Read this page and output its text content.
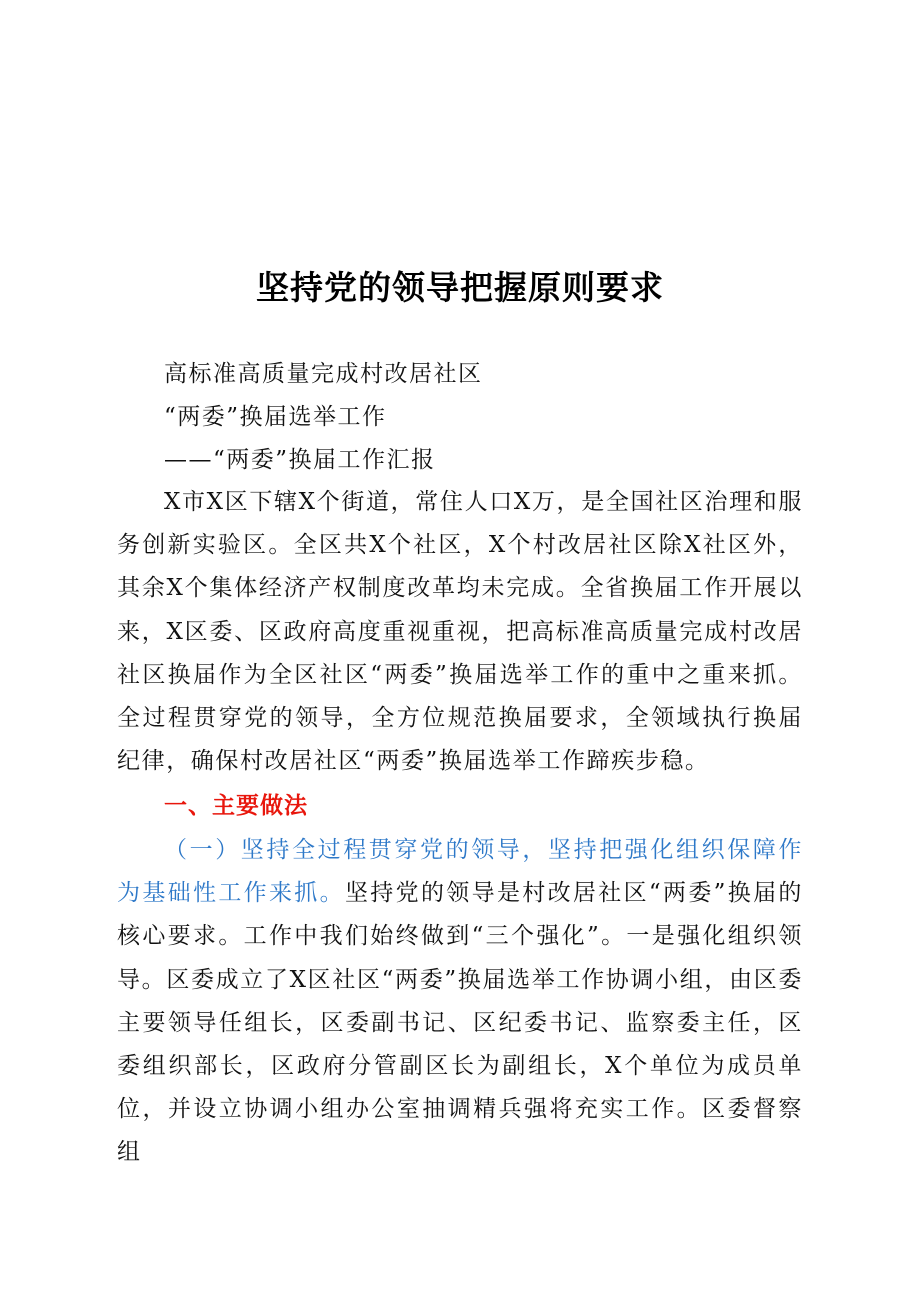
坚持党的领导把握原则要求
高标准高质量完成村改居社区
“两委”换届选举工作
——“两委”换届工作汇报

X市X区下辖X个街道，常住人口X万，是全国社区治理和服务创新实验区。全区共X个社区，X个村改居社区除X社区外，其余X个集体经济产权制度改革均未完成。全省换届工作开展以来，X区委、区政府高度重视重视，把高标准高质量完成村改居社区换届作为全区社区“两委”换届选举工作的重中之重来抓。全过程贯穿党的领导，全方位规范换届要求，全领域执行换届纪律，确保村改居社区“两委”换届选举工作蹄疾步稳。

一、主要做法

（一）坚持全过程贯穿党的领导，坚持把强化组织保障作为基础性工作来抓。坚持党的领导是村改居社区“两委”换届的核心要求。工作中我们始终做到“三个强化”。一是强化组织领导。区委成立了X区社区“两委”换届选举工作协调小组，由区委主要领导任组长，区委副书记、区纪委书记、监察委主任，区委组织部长，区政府分管副区长为副组长，X个单位为成员单位，并设立协调小组办公室抽调精兵强将充实工作。区委督察组
